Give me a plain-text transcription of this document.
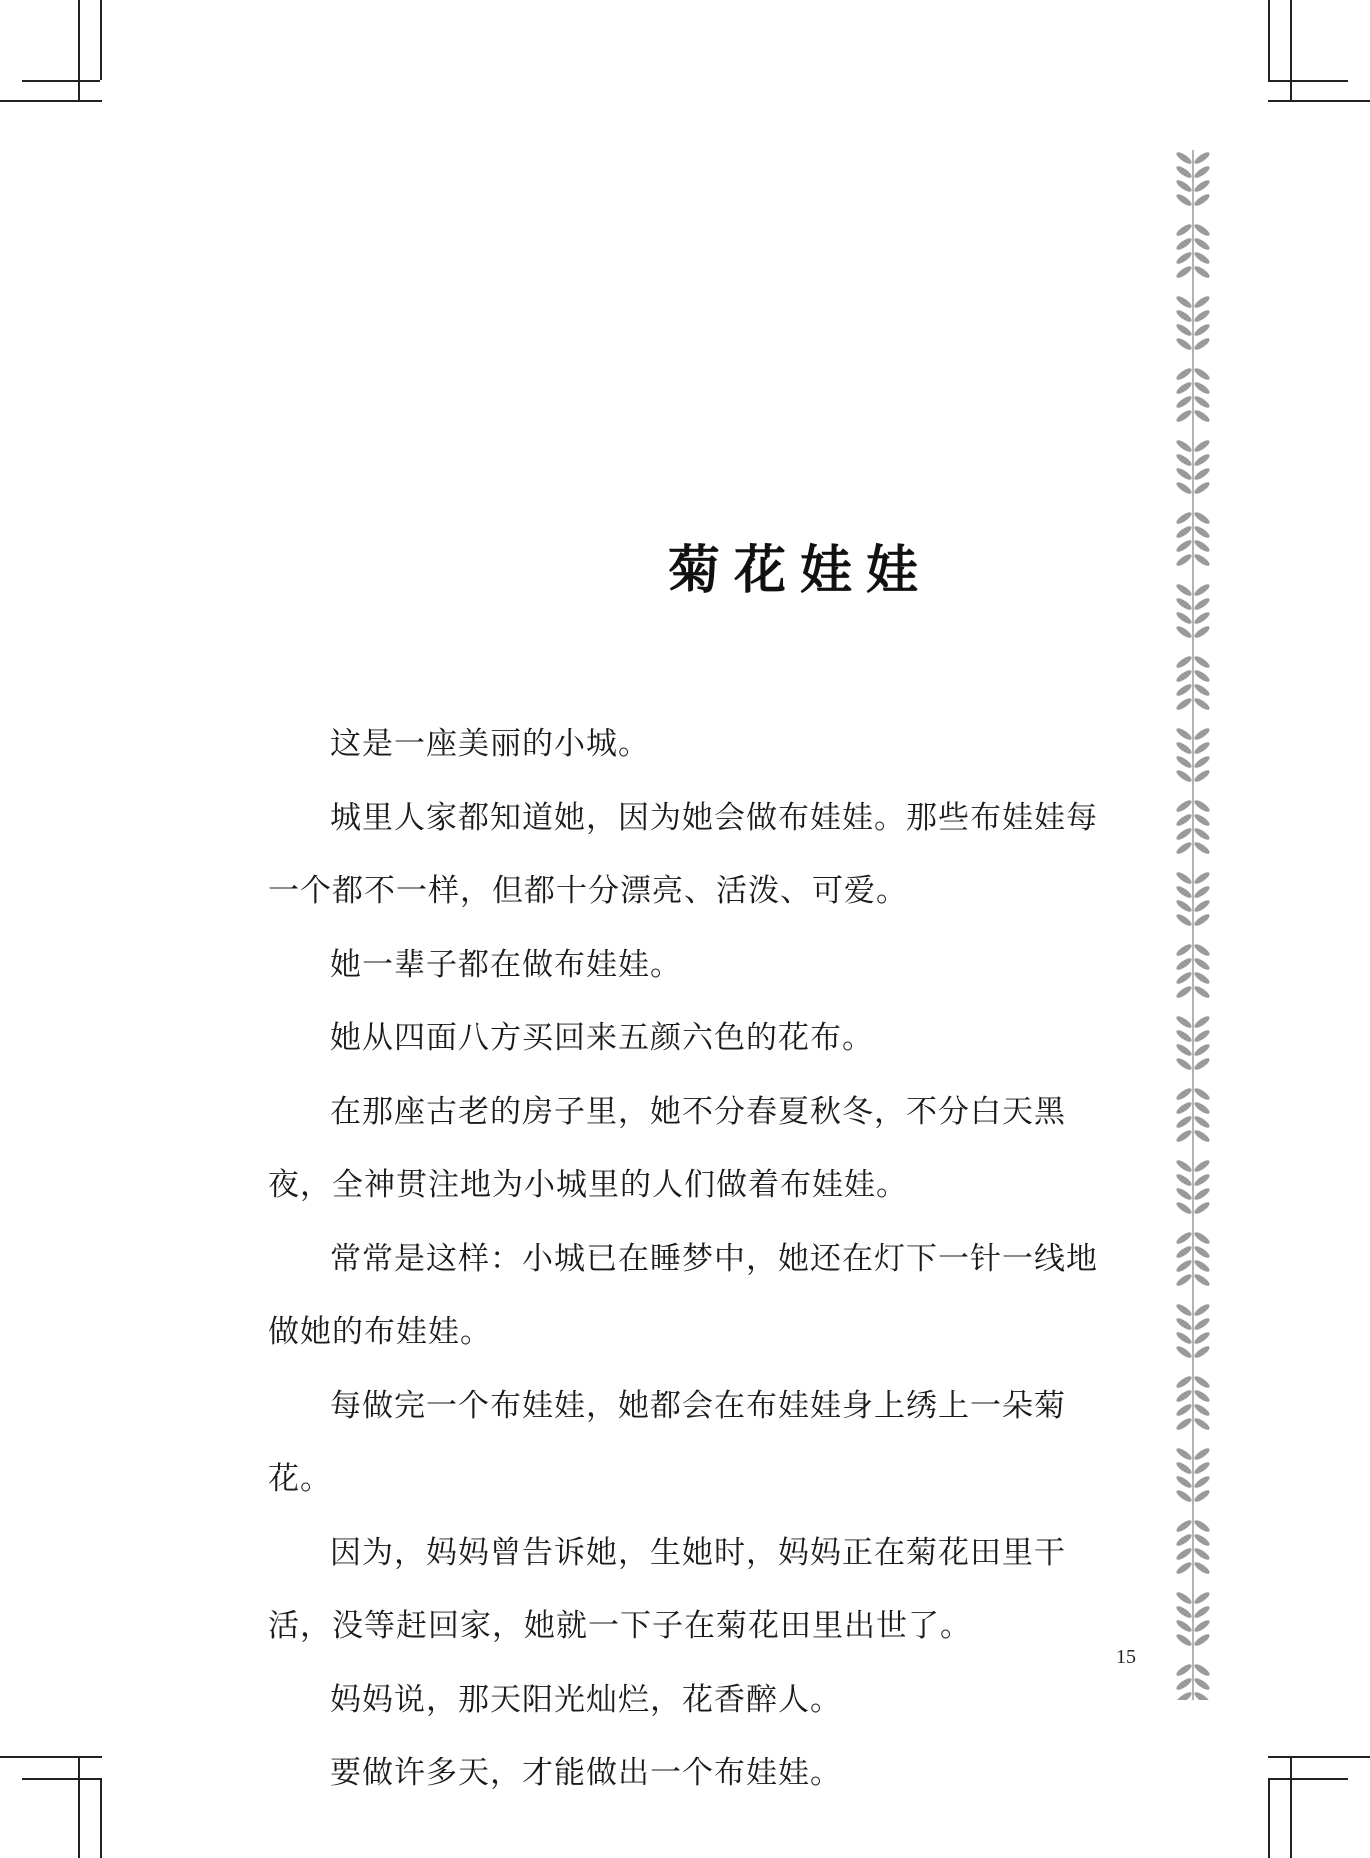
菊花娃娃

这是一座美丽的小城。

城里人家都知道她，因为她会做布娃娃。那些布娃娃每一个都不一样，但都十分漂亮、活泼、可爱。

她一辈子都在做布娃娃。

她从四面八方买回来五颜六色的花布。

在那座古老的房子里，她不分春夏秋冬，不分白天黑夜，全神贯注地为小城里的人们做着布娃娃。

常常是这样：小城已在睡梦中，她还在灯下一针一线地做她的布娃娃。

每做完一个布娃娃，她都会在布娃娃身上绣上一朵菊花。

因为，妈妈曾告诉她，生她时，妈妈正在菊花田里干活，没等赶回家，她就一下子在菊花田里出世了。

妈妈说，那天阳光灿烂，花香醉人。

要做许多天，才能做出一个布娃娃。

15
